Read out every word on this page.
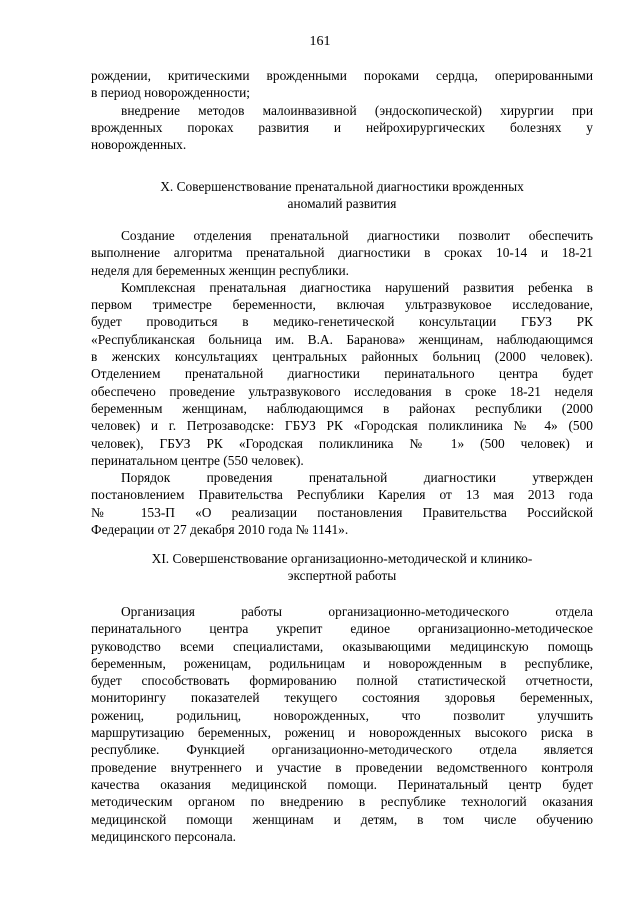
161
рождении, критическими врожденными пороками сердца, оперированными
в период новорожденности;
внедрение методов малоинвазивной (эндоскопической) хирургии при
врожденных пороках развития и нейрохирургических болезнях у
новорожденных.
X. Совершенствование пренатальной диагностики врожденных
аномалий развития
Создание отделения пренатальной диагностики позволит обеспечить
выполнение алгоритма пренатальной диагностики в сроках 10-14 и 18-21
неделя для беременных женщин республики.
Комплексная пренатальная диагностика нарушений развития ребенка в
первом триместре беременности, включая ультразвуковое исследование,
будет проводиться в медико-генетической консультации ГБУЗ РК
«Республиканская больница им. В.А. Баранова» женщинам, наблюдающимся
в женских консультациях центральных районных больниц (2000 человек).
Отделением пренатальной диагностики перинатального центра будет
обеспечено проведение ультразвукового исследования в сроке 18-21 неделя
беременным женщинам, наблюдающимся в районах республики (2000
человек) и г. Петрозаводске: ГБУЗ РК «Городская поликлиника № 4» (500
человек), ГБУЗ РК «Городская поликлиника № 1» (500 человек) и
перинатальном центре (550 человек).
Порядок проведения пренатальной диагностики утвержден
постановлением Правительства Республики Карелия от 13 мая 2013 года
№ 153-П «О реализации постановления Правительства Российской
Федерации от 27 декабря 2010 года № 1141».
XI. Совершенствование организационно-методической и клинико-
экспертной работы
Организация работы организационно-методического отдела
перинатального центра укрепит единое организационно-методическое
руководство всеми специалистами, оказывающими медицинскую помощь
беременным, роженицам, родильницам и новорожденным в республике,
будет способствовать формированию полной статистической отчетности,
мониторингу показателей текущего состояния здоровья беременных,
рожениц, родильниц, новорожденных, что позволит улучшить
маршрутизацию беременных, рожениц и новорожденных высокого риска в
республике. Функцией организационно-методического отдела является
проведение внутреннего и участие в проведении ведомственного контроля
качества оказания медицинской помощи. Перинатальный центр будет
методическим органом по внедрению в республике технологий оказания
медицинской помощи женщинам и детям, в том числе обучению
медицинского персонала.
